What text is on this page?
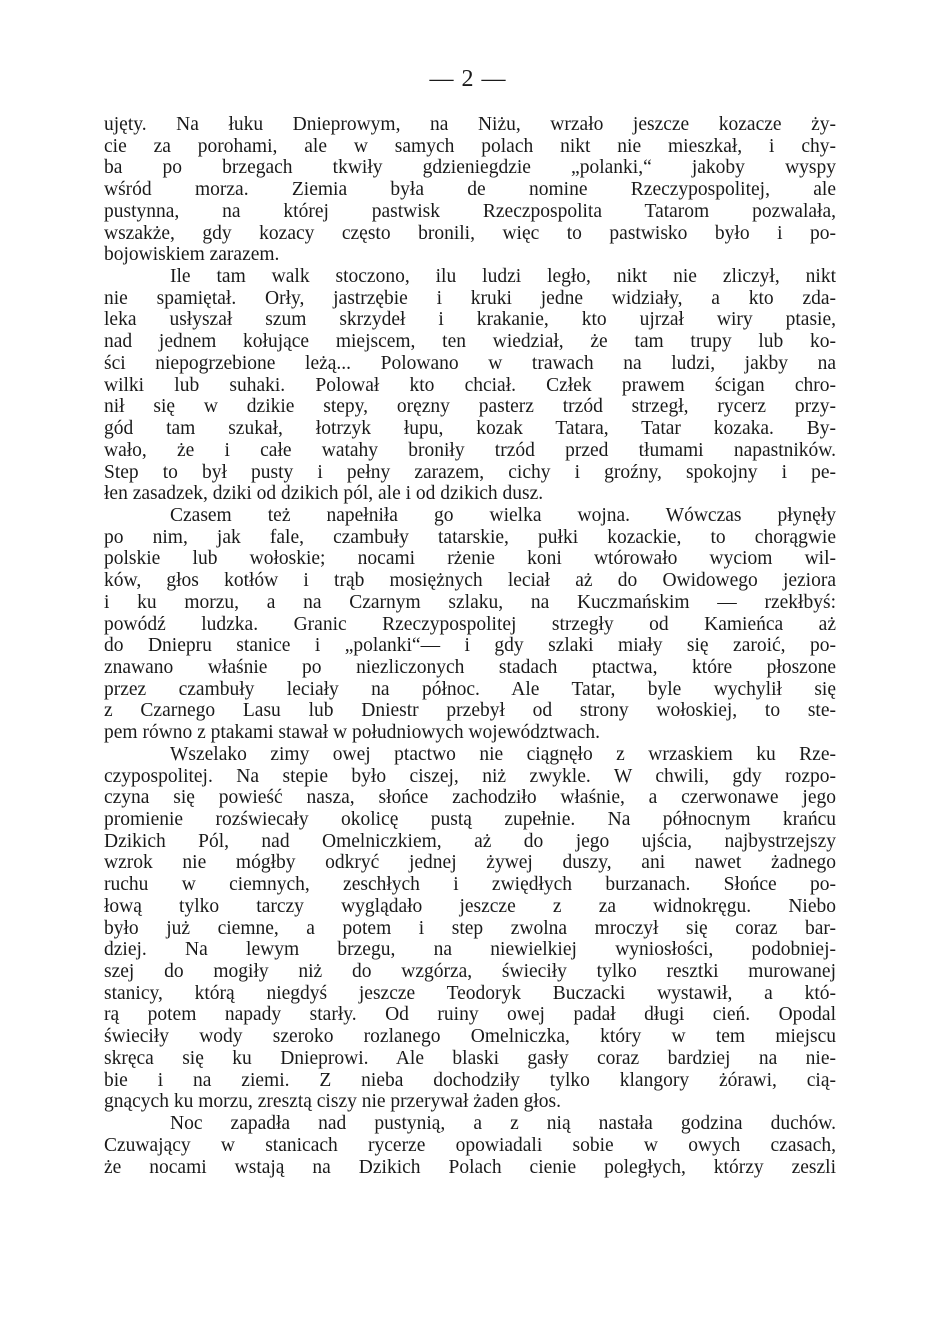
— 2 —
ujęty. Na łuku Dnieprowym, na Niżu, wrzało jeszcze kozacze ży-
cie za porohami, ale w samych polach nikt nie mieszkał, i chy-
ba po brzegach tkwiły gdzieniegdzie „polanki,“ jakoby wyspy
wśród morza. Ziemia była de nomine Rzeczypospolitej, ale
pustynna, na której pastwisk Rzeczpospolita Tatarom pozwalała,
wszakże, gdy kozacy często bronili, więc to pastwisko było i po-
bojowiskiem zarazem.
Ile tam walk stoczono, ilu ludzi legło, nikt nie zliczył, nikt
nie spamiętał. Orły, jastrzębie i kruki jedne widziały, a kto zda-
leka usłyszał szum skrzydeł i krakanie, kto ujrzał wiry ptasie,
nad jednem kołujące miejscem, ten wiedział, że tam trupy lub ko-
ści niepogrzebione leżą... Polowano w trawach na ludzi, jakby na
wilki lub suhaki. Polował kto chciał. Człek prawem ścigan chro-
nił się w dzikie stepy, oręzny pasterz trzód strzegł, rycerz przy-
gód tam szukał, łotrzyk łupu, kozak Tatara, Tatar kozaka. By-
wało, że i całe watahy broniły trzód przed tłumami napastników.
Step to był pusty i pełny zarazem, cichy i groźny, spokojny i pe-
łen zasadzek, dziki od dzikich pól, ale i od dzikich dusz.
Czasem też napełniła go wielka wojna. Wówczas płynęły
po nim, jak fale, czambuły tatarskie, pułki kozackie, to chorągwie
polskie lub wołoskie; nocami rżenie koni wtórowało wyciom wil-
ków, głos kotłów i trąb mosiężnych leciał aż do Owidowego jeziora
i ku morzu, a na Czarnym szlaku, na Kuczmańskim — rzekłbyś:
powódź ludzka. Granic Rzeczypospolitej strzegły od Kamieńca aż
do Dniepru stanice i „polanki“— i gdy szlaki miały się zaroić, po-
znawano właśnie po niezliczonych stadach ptactwa, które płoszone
przez czambuły leciały na północ. Ale Tatar, byle wychylił się
z Czarnego Lasu lub Dniestr przebył od strony wołoskiej, to ste-
pem równo z ptakami stawał w południowych województwach.
Wszelako zimy owej ptactwo nie ciągnęło z wrzaskiem ku Rze-
czypospolitej. Na stepie było ciszej, niż zwykle. W chwili, gdy rozpo-
czyna się powieść nasza, słońce zachodziło właśnie, a czerwonawe jego
promienie rozświecały okolicę pustą zupełnie. Na północnym krańcu
Dzikich Pól, nad Omelniczkiem, aż do jego ujścia, najbystrzejszy
wzrok nie mógłby odkryć jednej żywej duszy, ani nawet żadnego
ruchu w ciemnych, zeschłych i zwiędłych burzanach. Słońce po-
łową tylko tarczy wyglądało jeszcze z za widnokręgu. Niebo
było już ciemne, a potem i step zwolna mroczył się coraz bar-
dziej. Na lewym brzegu, na niewielkiej wyniosłości, podobniej-
szej do mogiły niż do wzgórza, świeciły tylko resztki murowanej
stanicy, którą niegdyś jeszcze Teodoryk Buczacki wystawił, a któ-
rą potem napady starły. Od ruiny owej padał długi cień. Opodal
świeciły wody szeroko rozlanego Omelniczka, który w tem miejscu
skręca się ku Dnieprowi. Ale blaski gasły coraz bardziej na nie-
bie i na ziemi. Z nieba dochodziły tylko klangory żórawi, cią-
gnących ku morzu, zresztą ciszy nie przerywał żaden głos.
Noc zapadła nad pustynią, a z nią nastała godzina duchów.
Czuwający w stanicach rycerze opowiadali sobie w owych czasach,
że nocami wstają na Dzikich Polach cienie poległych, którzy zeszli
